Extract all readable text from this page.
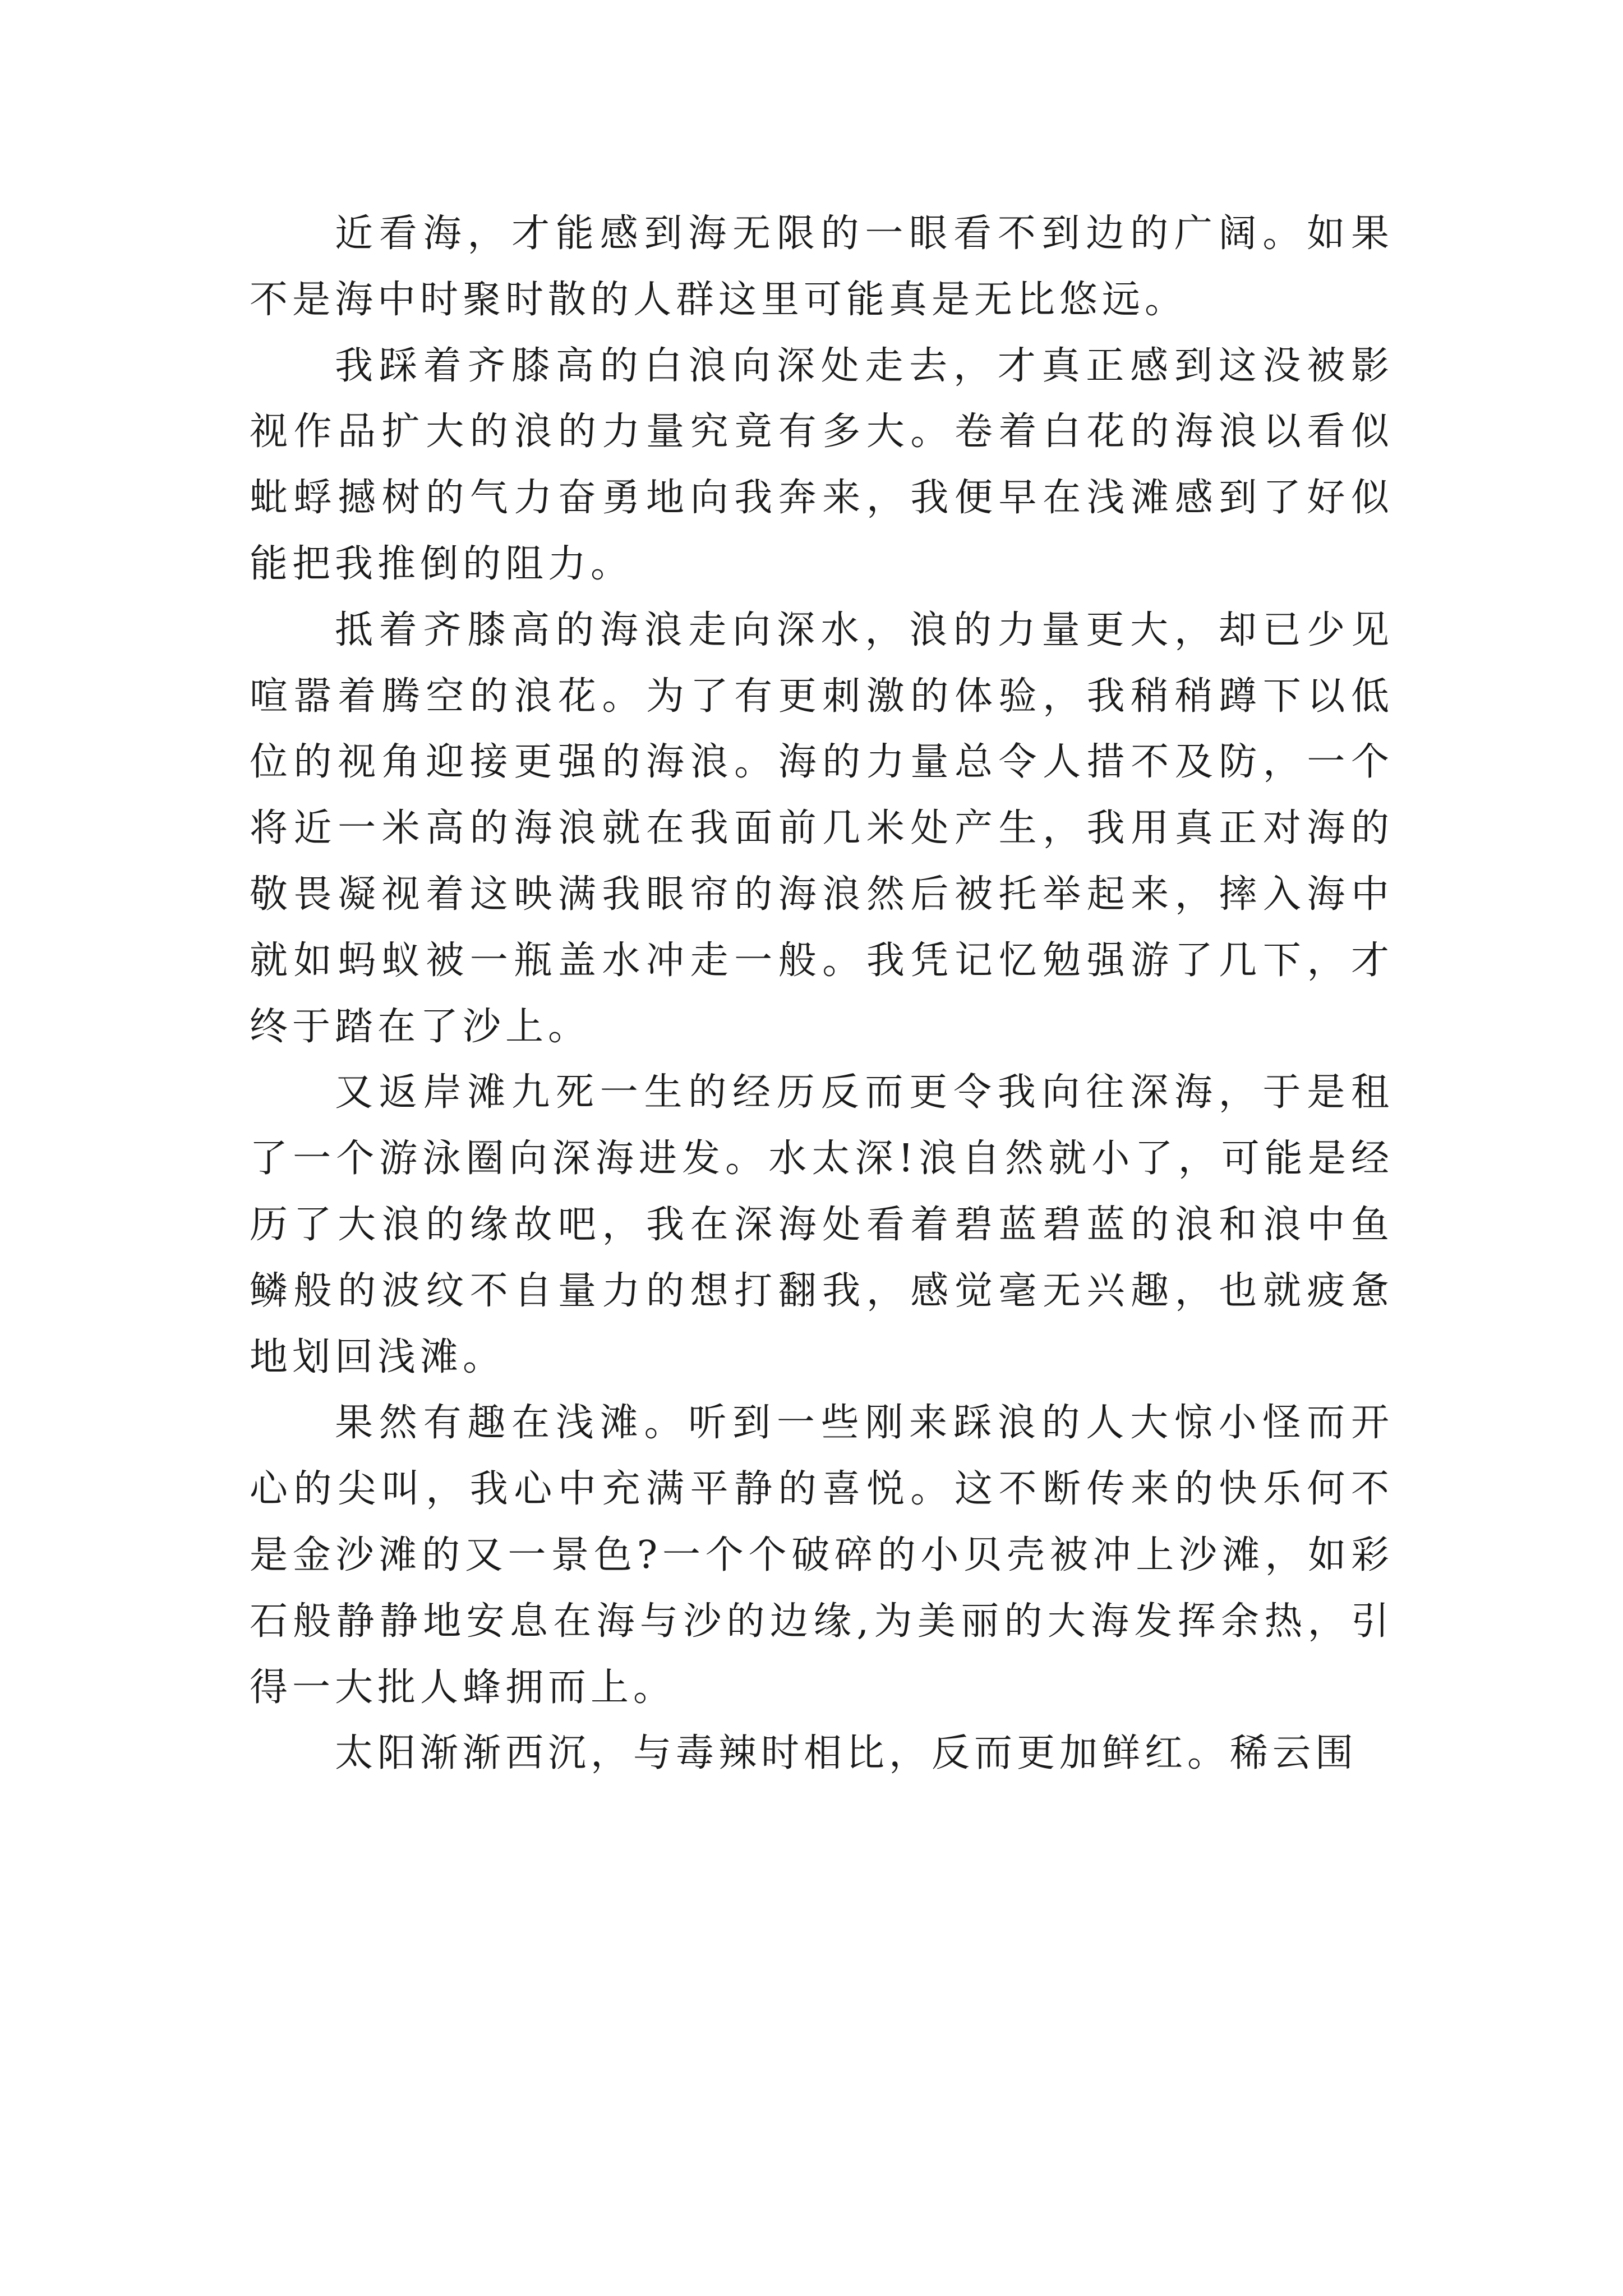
近看海，才能感到海无限的一眼看不到边的广阔。如果不是海中时聚时散的人群这里可能真是无比悠远。

我踩着齐膝高的白浪向深处走去，才真正感到这没被影视作品扩大的浪的力量究竟有多大。卷着白花的海浪以看似蚍蜉撼树的气力奋勇地向我奔来，我便早在浅滩感到了好似能把我推倒的阻力。

抵着齐膝高的海浪走向深水，浪的力量更大，却已少见喧嚣着腾空的浪花。为了有更刺激的体验，我稍稍蹲下以低位的视角迎接更强的海浪。海的力量总令人措不及防，一个将近一米高的海浪就在我面前几米处产生，我用真正对海的敬畏凝视着这映满我眼帘的海浪然后被托举起来，摔入海中就如蚂蚁被一瓶盖水冲走一般。我凭记忆勉强游了几下，才终于踏在了沙上。

又返岸滩九死一生的经历反而更令我向往深海，于是租了一个游泳圈向深海进发。水太深!浪自然就小了，可能是经历了大浪的缘故吧，我在深海处看着碧蓝碧蓝的浪和浪中鱼鳞般的波纹不自量力的想打翻我，感觉毫无兴趣，也就疲惫地划回浅滩。

果然有趣在浅滩。听到一些刚来踩浪的人大惊小怪而开心的尖叫，我心中充满平静的喜悦。这不断传来的快乐何不是金沙滩的又一景色?一个个破碎的小贝壳被冲上沙滩，如彩石般静静地安息在海与沙的边缘,为美丽的大海发挥余热，引得一大批人蜂拥而上。

太阳渐渐西沉，与毒辣时相比，反而更加鲜红。稀云围
